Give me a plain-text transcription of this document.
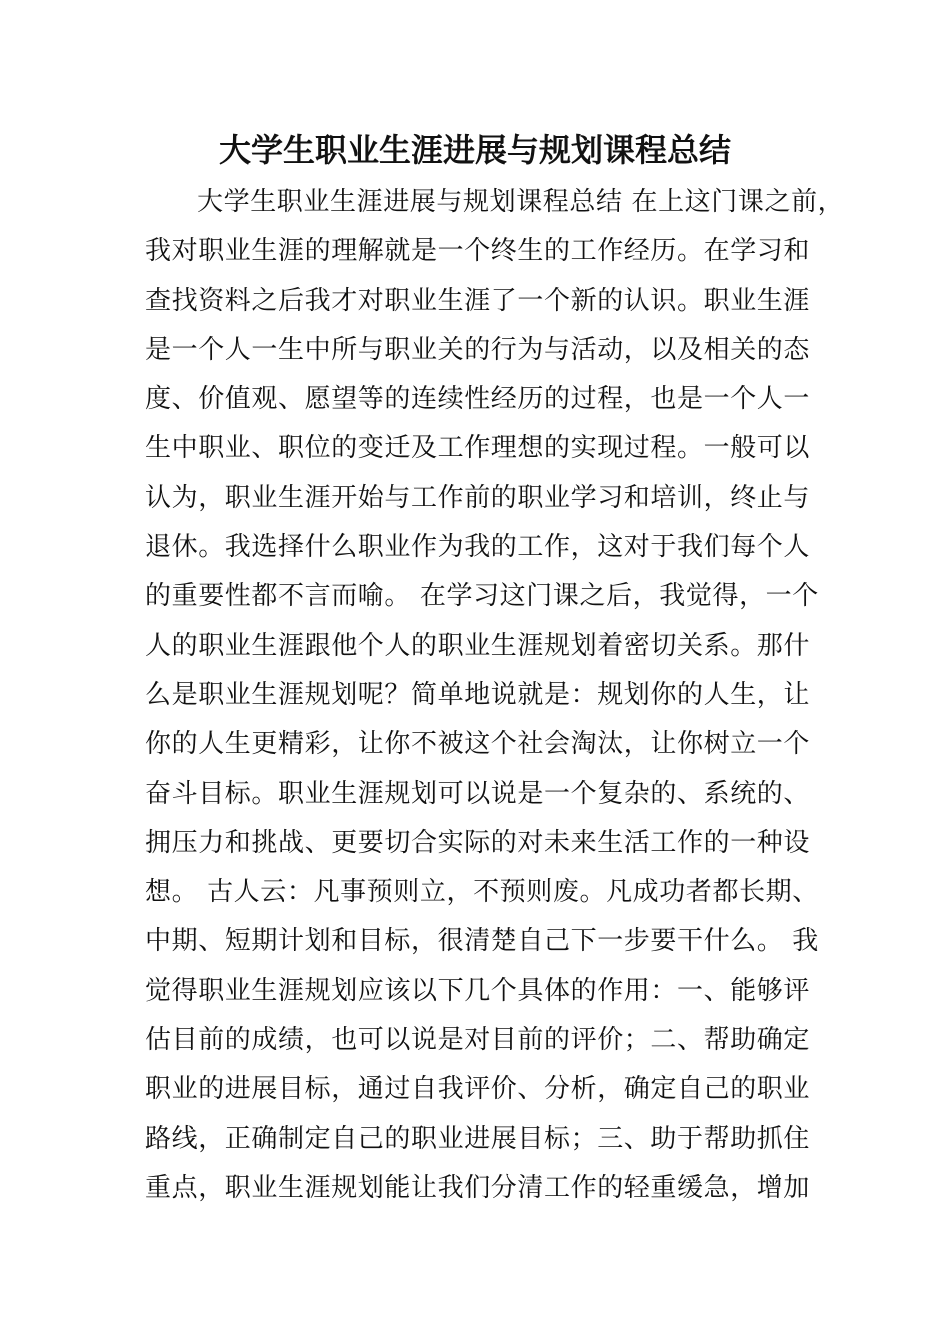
大学生职业生涯进展与规划课程总结
大学生职业生涯进展与规划课程总结 在上这门课之前，
我对职业生涯的理解就是一个终生的工作经历。在学习和
查找资料之后我才对职业生涯了一个新的认识。职业生涯
是一个人一生中所与职业关的行为与活动，以及相关的态
度、价值观、愿望等的连续性经历的过程，也是一个人一
生中职业、职位的变迁及工作理想的实现过程。一般可以
认为，职业生涯开始与工作前的职业学习和培训，终止与
退休。我选择什么职业作为我的工作，这对于我们每个人
的重要性都不言而喻。 在学习这门课之后，我觉得，一个
人的职业生涯跟他个人的职业生涯规划着密切关系。那什
么是职业生涯规划呢？简单地说就是：规划你的人生，让
你的人生更精彩，让你不被这个社会淘汰，让你树立一个
奋斗目标。职业生涯规划可以说是一个复杂的、系统的、
拥压力和挑战、更要切合实际的对未来生活工作的一种设
想。 古人云：凡事预则立，不预则废。凡成功者都长期、
中期、短期计划和目标，很清楚自己下一步要干什么。 我
觉得职业生涯规划应该以下几个具体的作用：一、能够评
估目前的成绩，也可以说是对目前的评价；二、帮助确定
职业的进展目标，通过自我评价、分析，确定自己的职业
路线，正确制定自己的职业进展目标；三、助于帮助抓住
重点，职业生涯规划能让我们分清工作的轻重缓急，增加
